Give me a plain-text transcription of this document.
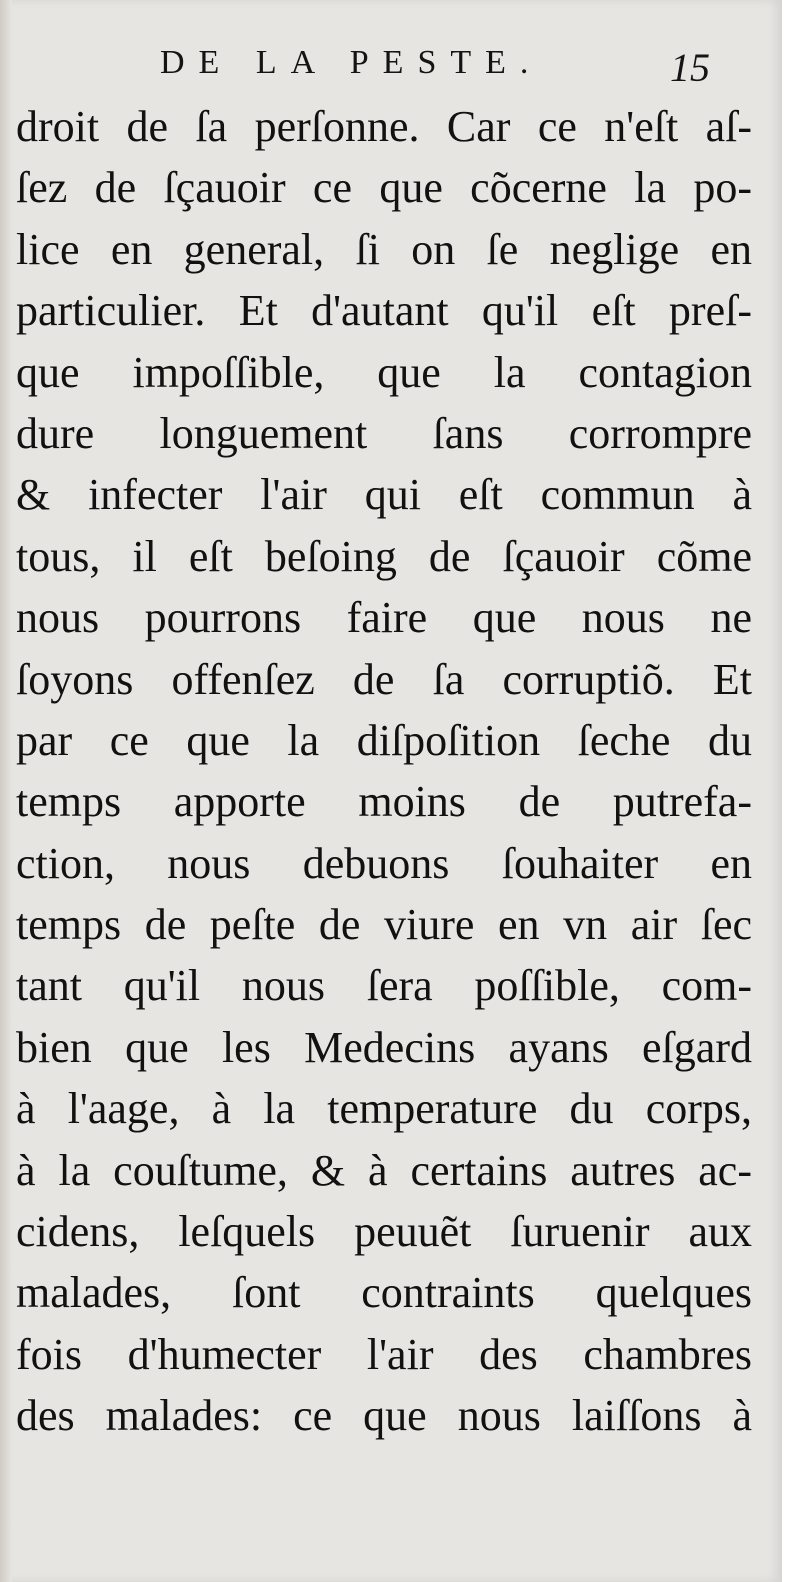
DE LA PESTE.	15
droit de ſa perſonne. Car ce n'eſt aſ-
ſez de ſçauoir ce que cõcerne la po-
lice en general, ſi on ſe neglige en
particulier. Et d'autant qu'il eſt preſ-
que impoſſible, que la contagion
dure longuement ſans corrompre
& infecter l'air qui eſt commun à
tous, il eſt beſoing de ſçauoir cõme
nous pourrons faire que nous ne
ſoyons offenſez de ſa corruptiõ. Et
par ce que la diſpoſition ſeche du
temps apporte moins de putrefa-
ction, nous debuons ſouhaiter en
temps de peſte de viure en vn air ſec
tant qu'il nous ſera poſſible, com-
bien que les Medecins ayans eſgard
à l'aage, à la temperature du corps,
à la couſtume, & à certains autres ac-
cidens, leſquels peuuẽt ſuruenir aux
malades, ſont contraints quelques
fois d'humecter l'air des chambres
des malades: ce que nous laiſſons à
